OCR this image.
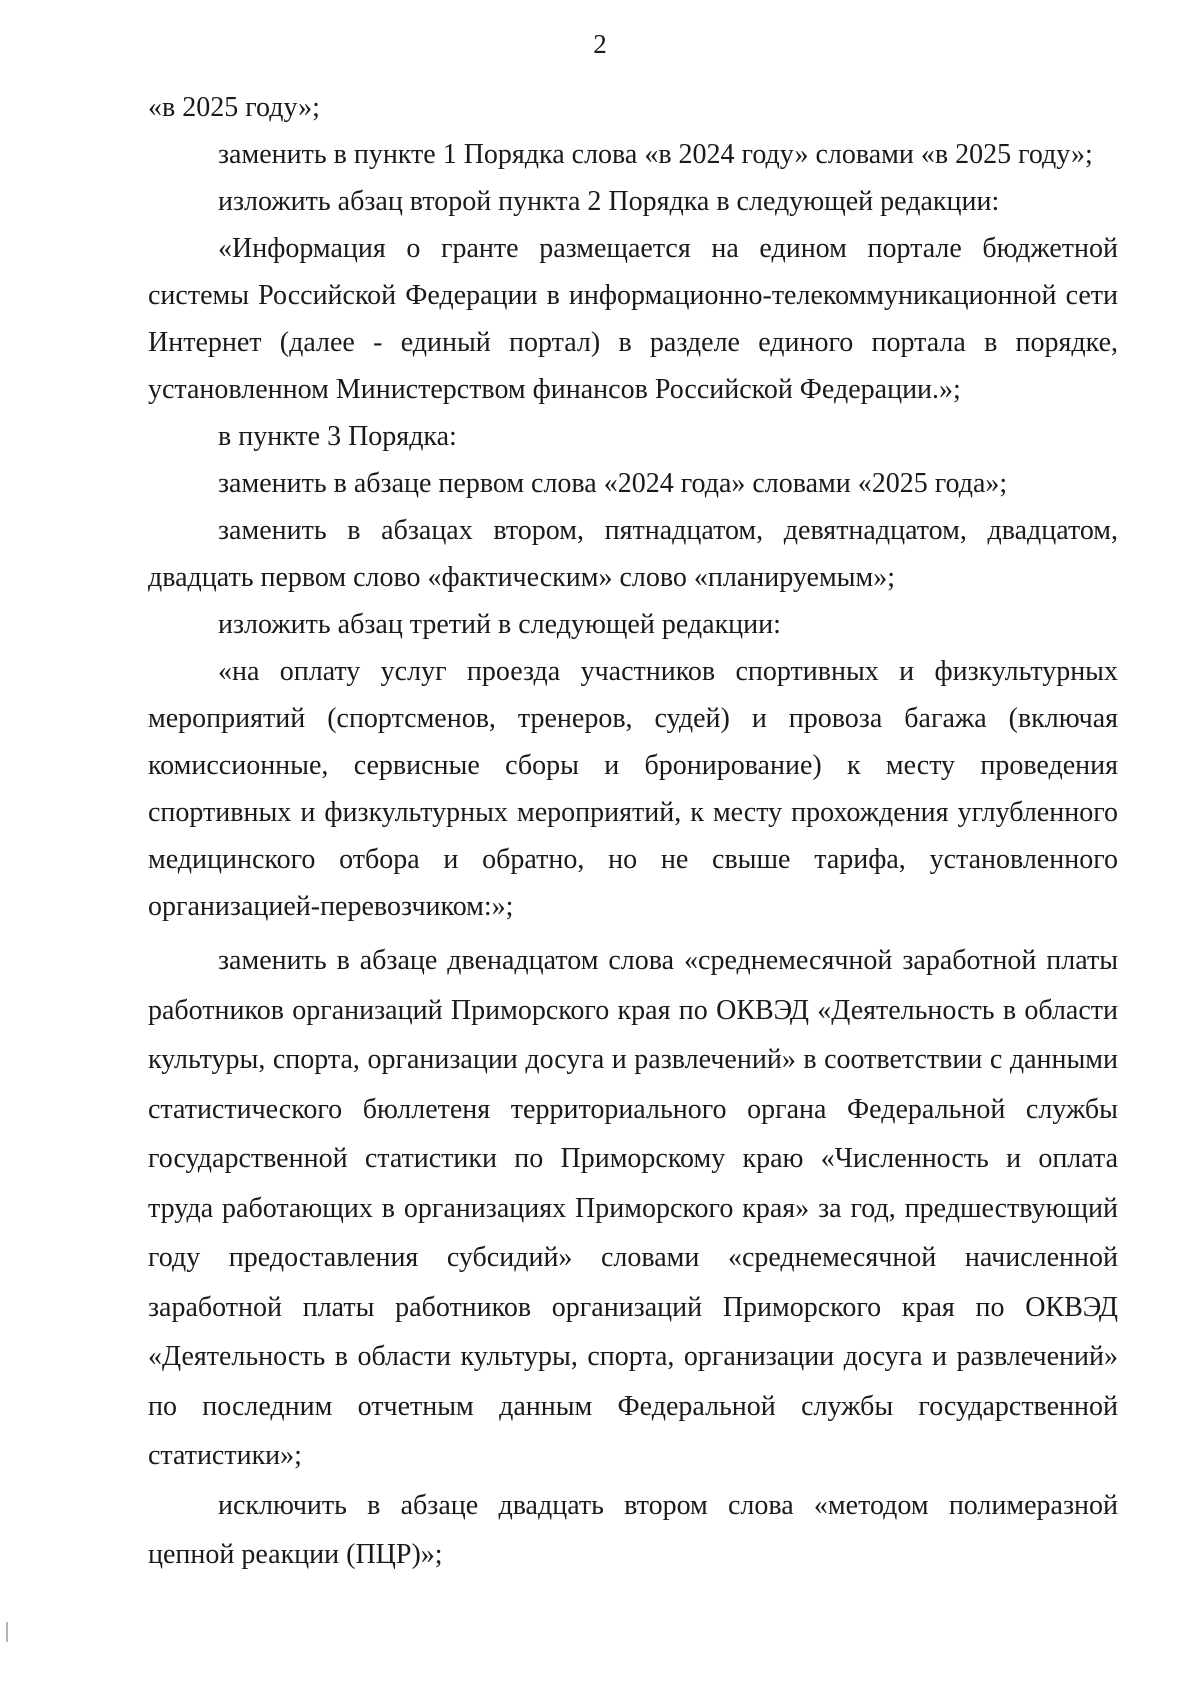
2

«в 2025 году»;

заменить в пункте 1 Порядка слова «в 2024 году» словами «в 2025 году»;

изложить абзац второй пункта 2 Порядка в следующей редакции:

«Информация о гранте размещается на едином портале бюджетной системы Российской Федерации в информационно-телекоммуникационной сети Интернет (далее - единый портал) в разделе единого портала в порядке, установленном Министерством финансов Российской Федерации.»;

в пункте 3 Порядка:

заменить в абзаце первом слова «2024 года» словами «2025 года»;

заменить в абзацах втором, пятнадцатом, девятнадцатом, двадцатом, двадцать первом слово «фактическим» слово «планируемым»;

изложить абзац третий в следующей редакции:

«на оплату услуг проезда участников спортивных и физкультурных мероприятий (спортсменов, тренеров, судей) и провоза багажа (включая комиссионные, сервисные сборы и бронирование) к месту проведения спортивных и физкультурных мероприятий, к месту прохождения углубленного медицинского отбора и обратно, но не свыше тарифа, установленного организацией-перевозчиком:»;

заменить в абзаце двенадцатом слова «среднемесячной заработной платы работников организаций Приморского края по ОКВЭД «Деятельность в области культуры, спорта, организации досуга и развлечений» в соответствии с данными статистического бюллетеня территориального органа Федеральной службы государственной статистики по Приморскому краю «Численность и оплата труда работающих в организациях Приморского края» за год, предшествующий году предоставления субсидий» словами «среднемесячной начисленной заработной платы работников организаций Приморского края по ОКВЭД «Деятельность в области культуры, спорта, организации досуга и развлечений» по последним отчетным данным Федеральной службы государственной статистики»;

исключить в абзаце двадцать втором слова «методом полимеразной цепной реакции (ПЦР)»;
